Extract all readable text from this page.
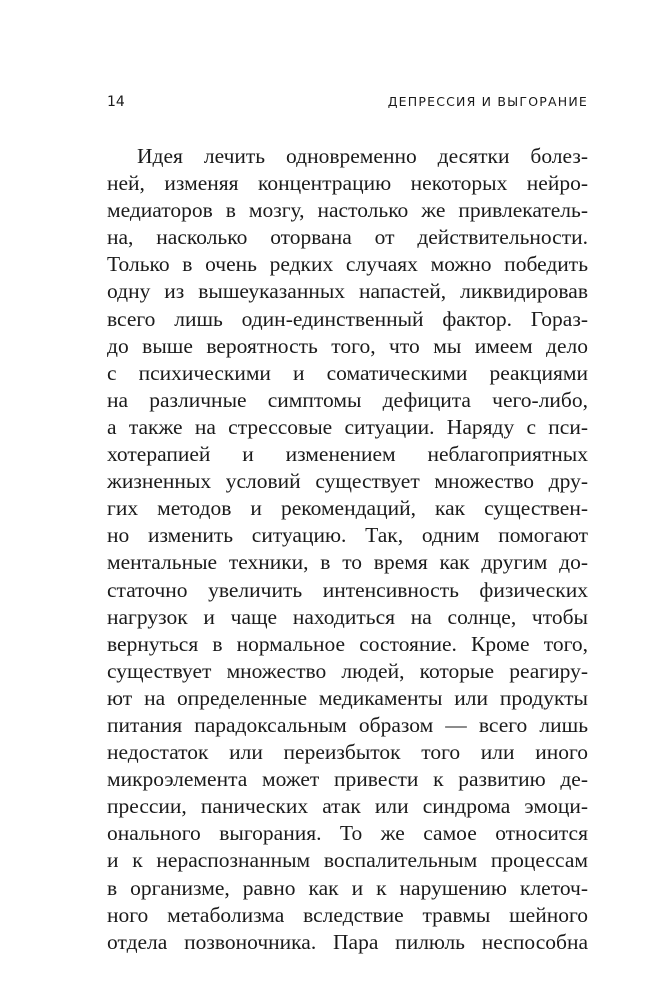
14	ДЕПРЕССИЯ И ВЫГОРАНИЕ
Идея лечить одновременно десятки болез-
ней, изменяя концентрацию некоторых нейро-
медиаторов в мозгу, настолько же привлекатель-
на, насколько оторвана от действительности.
Только в очень редких случаях можно победить
одну из вышеуказанных напастей, ликвидировав
всего лишь один-единственный фактор. Гораз-
до выше вероятность того, что мы имеем дело
с психическими и соматическими реакциями
на различные симптомы дефицита чего-либо,
а также на стрессовые ситуации. Наряду с пси-
хотерапией и изменением неблагоприятных
жизненных условий существует множество дру-
гих методов и рекомендаций, как существен-
но изменить ситуацию. Так, одним помогают
ментальные техники, в то время как другим до-
статочно увеличить интенсивность физических
нагрузок и чаще находиться на солнце, чтобы
вернуться в нормальное состояние. Кроме того,
существует множество людей, которые реагиру-
ют на определенные медикаменты или продукты
питания парадоксальным образом — всего лишь
недостаток или переизбыток того или иного
микроэлемента может привести к развитию де-
прессии, панических атак или синдрома эмоци-
онального выгорания. То же самое относится
и к нераспознанным воспалительным процессам
в организме, равно как и к нарушению клеточ-
ного метаболизма вследствие травмы шейного
отдела позвоночника. Пара пилюль неспособна
